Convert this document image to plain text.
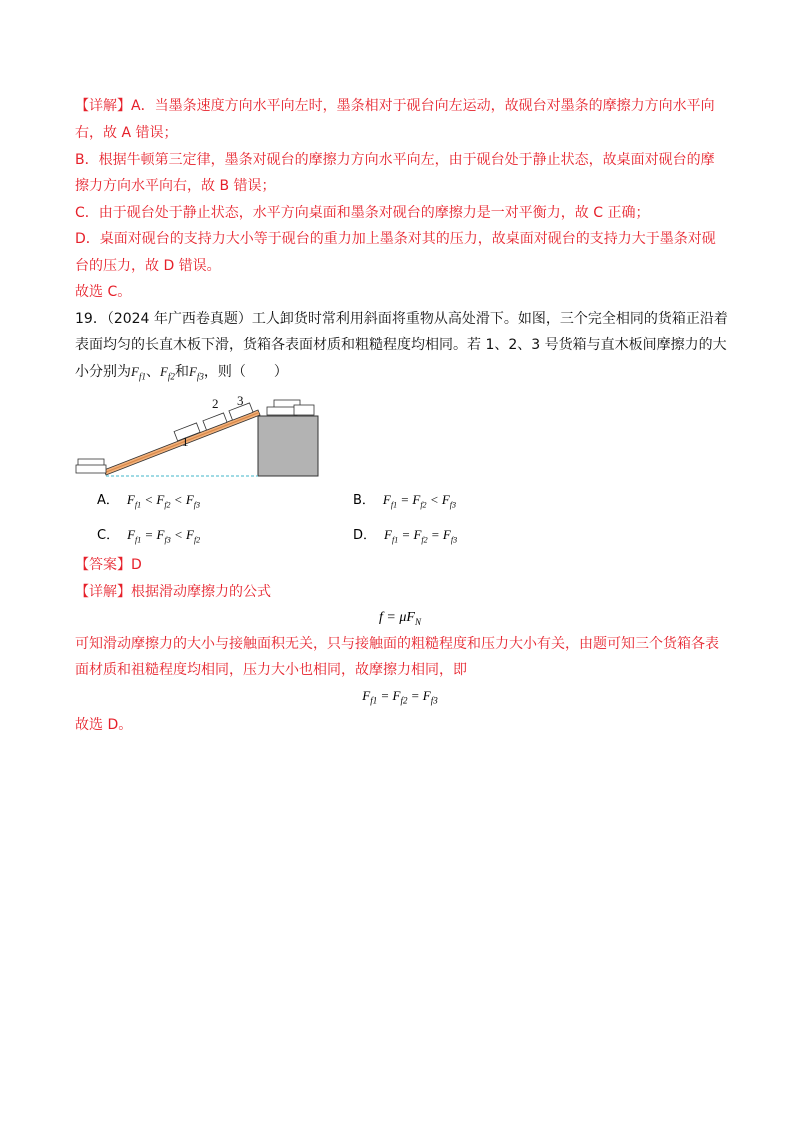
【详解】A．当墨条速度方向水平向左时，墨条相对于砚台向左运动，故砚台对墨条的摩擦力方向水平向
右，故 A 错误；
B．根据牛顿第三定律，墨条对砚台的摩擦力方向水平向左，由于砚台处于静止状态，故桌面对砚台的摩
擦力方向水平向右，故 B 错误；
C．由于砚台处于静止状态，水平方向桌面和墨条对砚台的摩擦力是一对平衡力，故 C 正确；
D．桌面对砚台的支持力大小等于砚台的重力加上墨条对其的压力，故桌面对砚台的支持力大于墨条对砚
台的压力，故 D 错误。
故选 C。
19．（2024 年广西卷真题）工人卸货时常利用斜面将重物从高处滑下。如图，三个完全相同的货箱正沿着
表面均匀的长直木板下滑，货箱各表面材质和粗糙程度均相同。若 1、2、3 号货箱与直木板间摩擦力的大
小分别为$F_{f1}$、$F_{f2}$和$F_{f3}$，则（　　）
1
2 3
A． $F_{f1} < F_{f2} < F_{f3}$	B． $F_{f1} = F_{f2} < F_{f3}$
C． $F_{f1} = F_{f3} < F_{f2}$	D． $F_{f1} = F_{f2} = F_{f3}$
【答案】D
【详解】根据滑动摩擦力的公式
$f = \mu F_N$
可知滑动摩擦力的大小与接触面积无关，只与接触面的粗糙程度和压力大小有关，由题可知三个货箱各表
面材质和祖糙程度均相同，压力大小也相同，故摩擦力相同，即
$F_{f1} = F_{f2} = F_{f3}$
故选 D。
